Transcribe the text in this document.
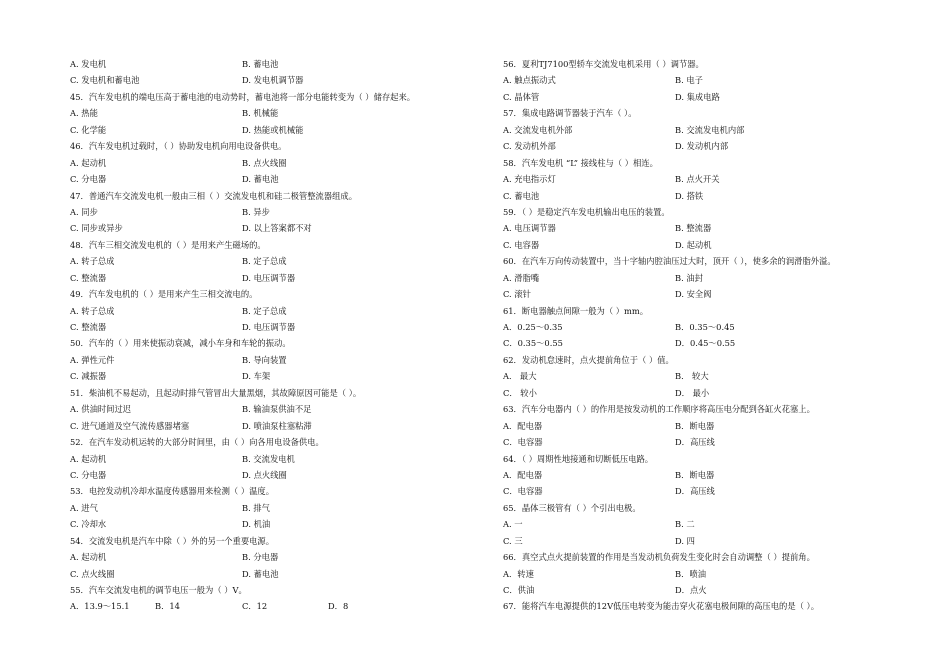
A. 发电机	B. 蓄电池
C. 发电机和蓄电池	D. 发电机调节器
45．汽车发电机的端电压高于蓄电池的电动势时，蓄电池将一部分电能转变为（ ）储存起来。
A. 热能	B. 机械能
C. 化学能	D. 热能或机械能
46．汽车发电机过载时，（ ）协助发电机向用电设备供电。
A. 起动机	B. 点火线圈
C. 分电器	D. 蓄电池
47．普通汽车交流发电机一般由三相（ ）交流发电机和硅二极管整流器组成。
A. 同步	B. 异步
C. 同步或异步	D. 以上答案都不对
48．汽车三相交流发电机的（ ）是用来产生磁场的。
A. 转子总成	B. 定子总成
C. 整流器	D. 电压调节器
49．汽车发电机的（ ）是用来产生三相交流电的。
A. 转子总成	B. 定子总成
C. 整流器	D. 电压调节器
50．汽车的（ ）用来使振动衰减，减小车身和车轮的振动。
A. 弹性元件	B. 导向装置
C. 减振器	D. 车架
51．柴油机不易起动，且起动时排气管冒出大量黑烟，其故障原因可能是（ ）。
A. 供油时间过迟	B. 输油泵供油不足
C. 进气通道及空气流传感器堵塞	D. 喷油泵柱塞粘滞
52．在汽车发动机运转的大部分时间里，由（ ）向各用电设备供电。
A. 起动机	B. 交流发电机
C. 分电器	D. 点火线圈
53．电控发动机冷却水温度传感器用来检测（ ）温度。
A. 进气	B. 排气
C. 冷却水	D. 机油
54．交流发电机是汽车中除（ ）外的另一个重要电源。
A. 起动机	B. 分电器
C. 点火线圈	D. 蓄电池
55．汽车交流发电机的调节电压一般为（ ）V。
A．13.9～15.1	B．14	C．12	D．8
56．夏利TJ7100型轿车交流发电机采用（ ）调节器。
A. 触点振动式	B. 电子
C. 晶体管	D. 集成电路
57．集成电路调节器装于汽车（ ）。
A. 交流发电机外部	B. 交流发电机内部
C. 发动机外部	D. 发动机内部
58．汽车发电机 “L” 接线柱与（ ）相连。
A. 充电指示灯	B. 点火开关
C. 蓄电池	D. 搭铁
59．（ ）是稳定汽车发电机输出电压的装置。
A. 电压调节器	B. 整流器
C. 电容器	D. 起动机
60．在汽车万向传动装置中，当十字轴内腔油压过大时，顶开（ ），使多余的润滑脂外溢。
A. 滑脂嘴	B. 油封
C. 滚针	D. 安全阀
61．断电器触点间隙一般为（ ）mm。
A．0.25～0.35	B．0.35～0.45
C．0.35～0.55	D．0.45～0.55
62．发动机怠速时，点火提前角位于（ ）值。
A． 最大	B． 较大
C． 较小	D． 最小
63．汽车分电器内（ ）的作用是按发动机的工作顺序将高压电分配到各缸火花塞上。
A．配电器	B．断电器
C．电容器	D．高压线
64．（ ）周期性地接通和切断低压电路。
A．配电器	B．断电器
C．电容器	D．高压线
65．晶体三极管有（ ）个引出电极。
A. 一	B. 二
C. 三	D. 四
66．真空式点火提前装置的作用是当发动机负荷发生变化时会自动调整（ ）提前角。
A．转速	B．喷油
C．供油	D．点火
67．能将汽车电源提供的12V低压电转变为能击穿火花塞电极间隙的高压电的是（ ）。
